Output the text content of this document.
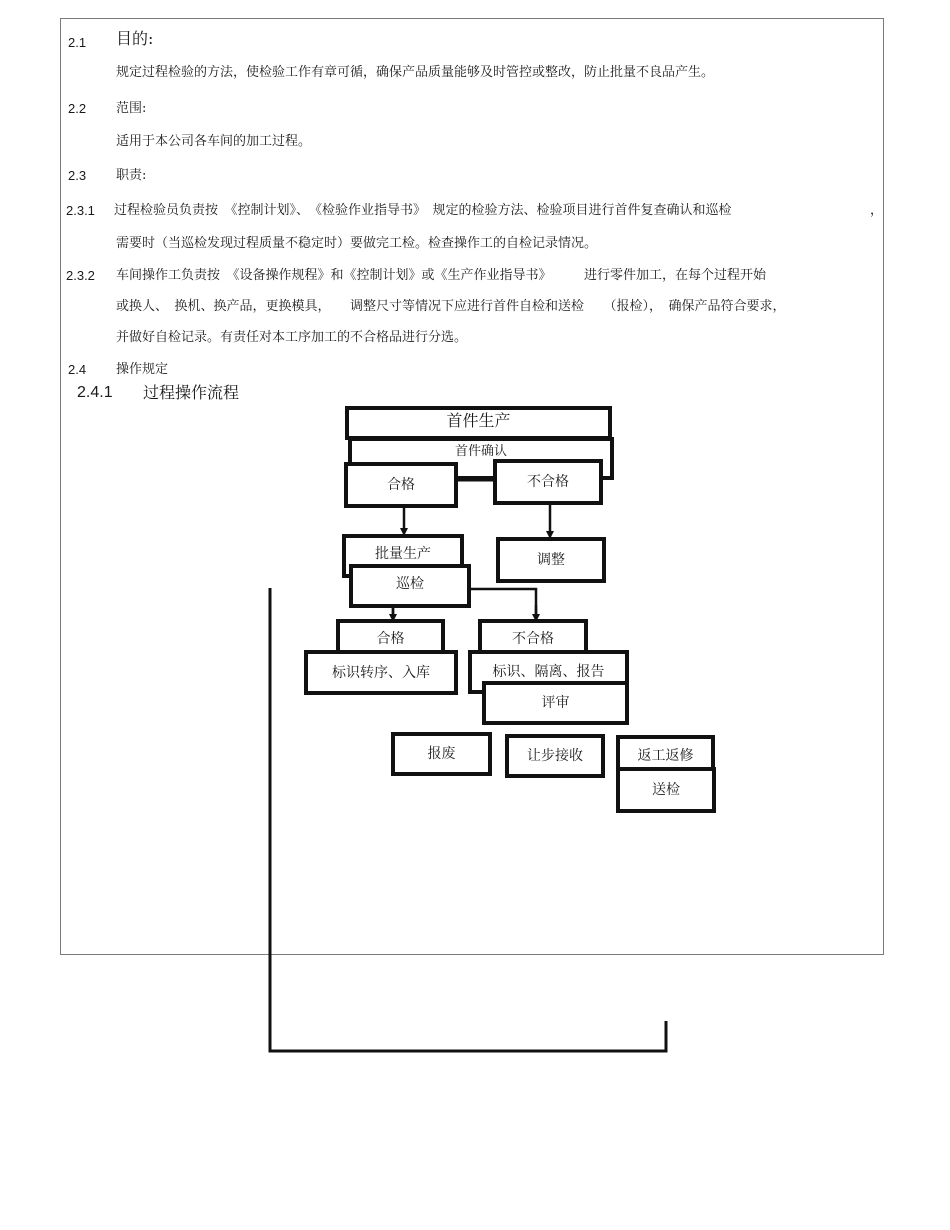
2.1 目的:
规定过程检验的方法，使检验工作有章可循，确保产品质量能够及时管控或整改，防止批量不良品产生。
2.2 范围:
适用于本公司各车间的加工过程。
2.3 职责:
2.3.1 过程检验员负责按　《控制计划》、　《检验作业指导书》　规定的检验方法、检验项目进行首件复查确认和巡检	，
需要时（当巡检发现过程质量不稳定时）要做完工检。检查操作工的自检记录情况。
2.3.2 车间操作工负责按　《设备操作规程》和《控制计划》或《生产作业指导书》　　　进行零件加工，在每个过程开始
或换人、　换机、换产品，更换模具，　　调整尺寸等情况下应进行首件自检和送检　　（报检），　确保产品符合要求，
并做好自检记录。有责任对本工序加工的不合格品进行分选。
2.4 操作规定
2.4.1 过程操作流程
首件生产
首件确认
合格	不合格
批量生产	调整
巡检
合格	不合格
标识转序、入库	标识、隔离、报告
评审
报废	让步接收	返工返修
送检
